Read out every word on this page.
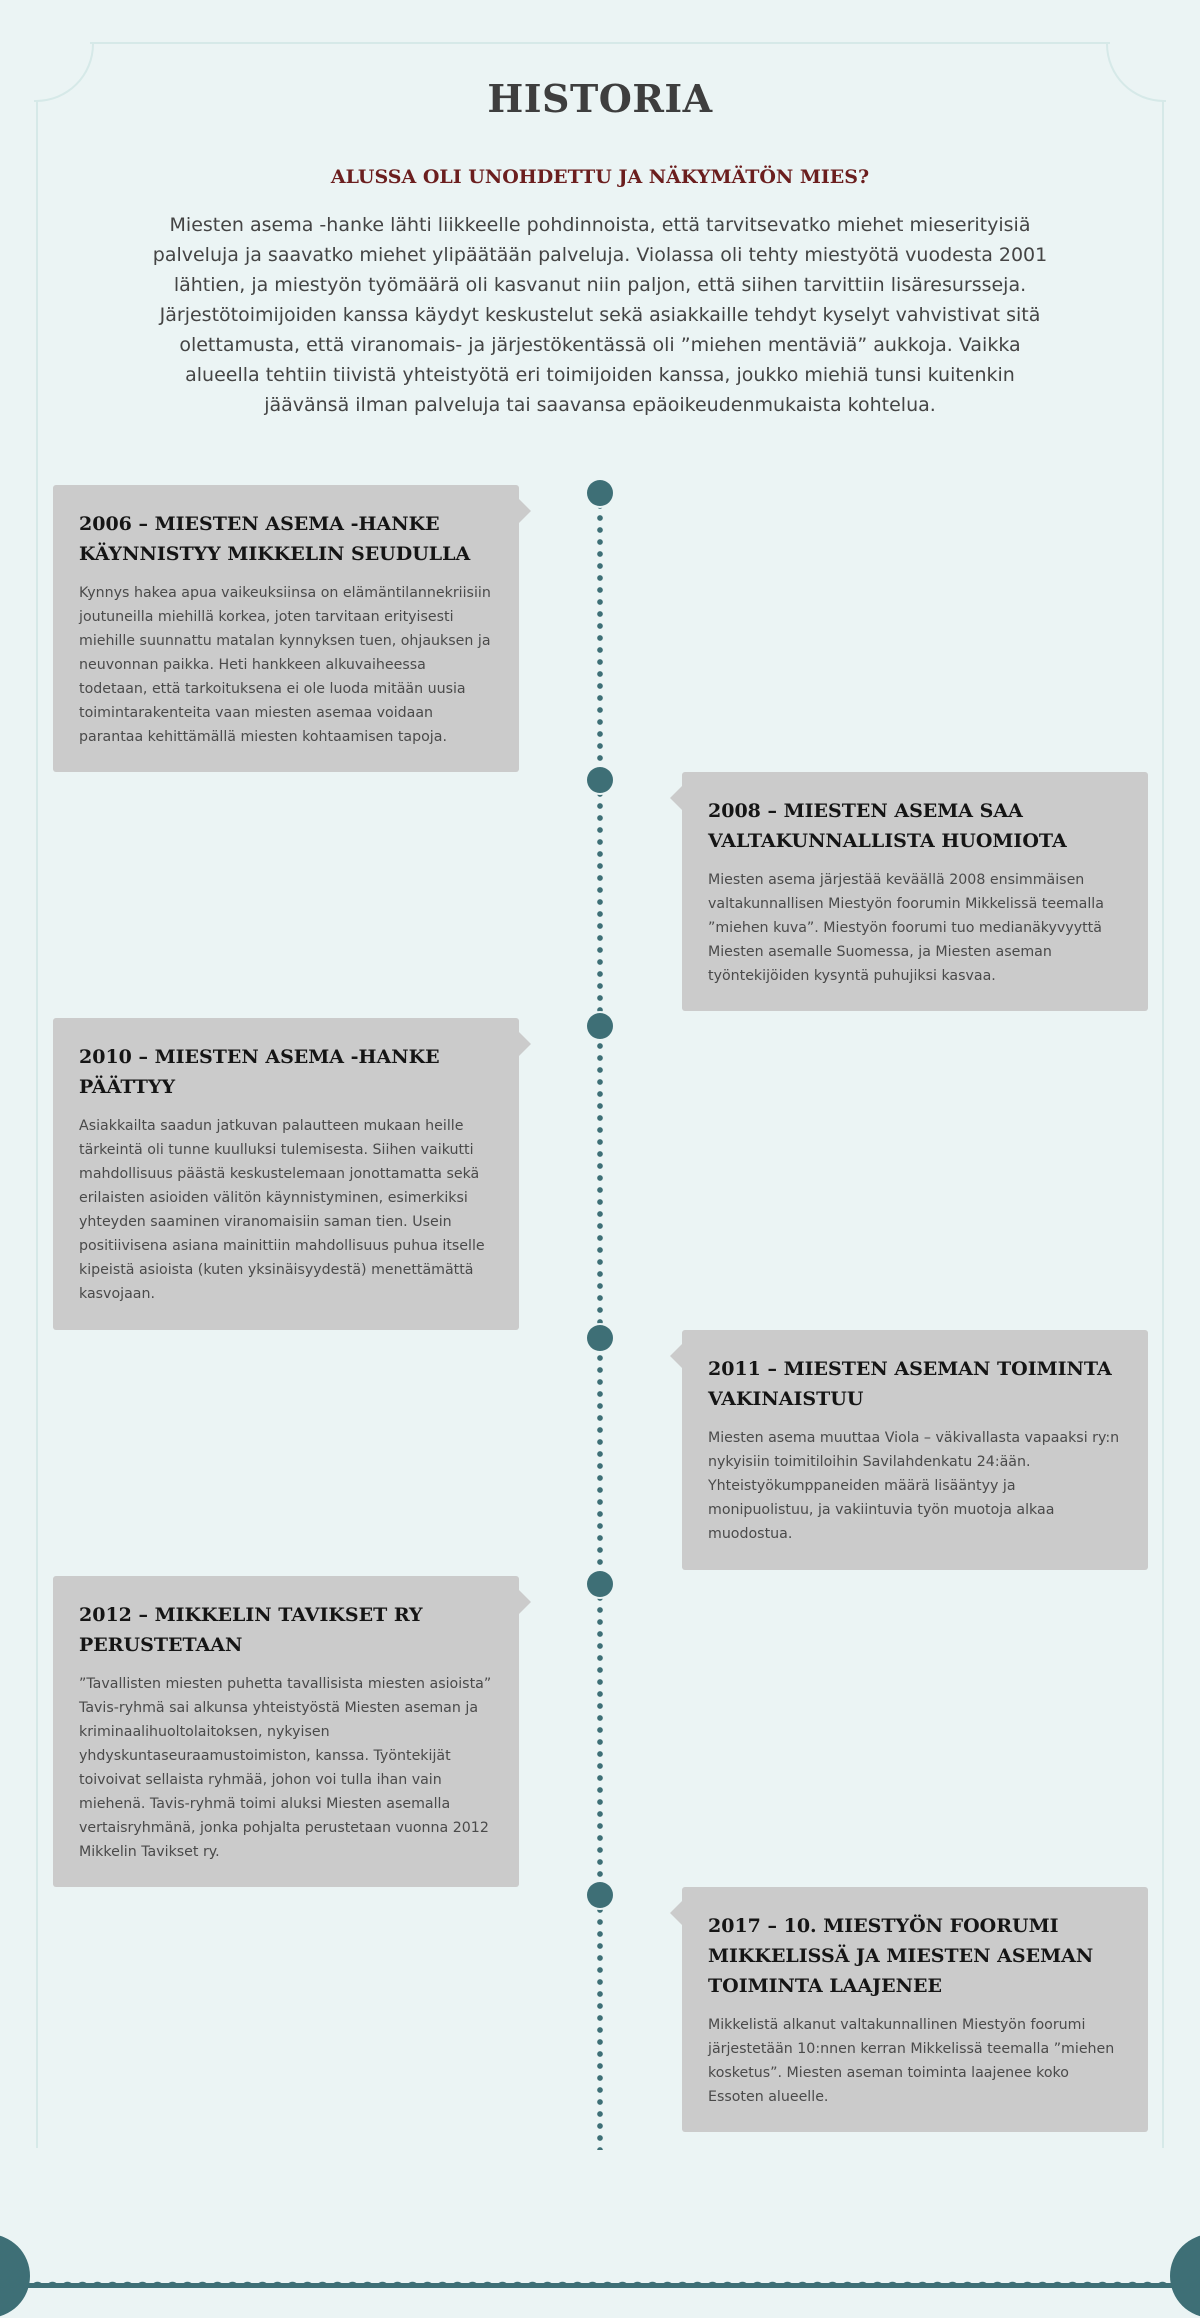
HISTORIA
ALUSSA OLI UNOHDETTU JA NÄKYMÄTÖN MIES?

Miesten asema -hanke lähti liikkeelle pohdinnoista, että tarvitsevatko miehet mieserityisiä palveluja ja saavatko miehet ylipäätään palveluja. Violassa oli tehty miestyötä vuodesta 2001 lähtien, ja miestyön työmäärä oli kasvanut niin paljon, että siihen tarvittiin lisäresursseja. Järjestötoimijoiden kanssa käydyt keskustelut sekä asiakkaille tehdyt kyselyt vahvistivat sitä olettamusta, että viranomais- ja järjestökentässä oli ”miehen mentäviä” aukkoja. Vaikka alueella tehtiin tiivistä yhteistyötä eri toimijoiden kanssa, joukko miehiä tunsi kuitenkin jäävänsä ilman palveluja tai saavansa epäoikeudenmukaista kohtelua.

2006 – MIESTEN ASEMA -HANKE KÄYNNISTYY MIKKELIN SEUDULLA

Kynnys hakea apua vaikeuksiinsa on elämäntilannekriisiin joutuneilla miehillä korkea, joten tarvitaan erityisesti miehille suunnattu matalan kynnyksen tuen, ohjauksen ja neuvonnan paikka. Heti hankkeen alkuvaiheessa todetaan, että tarkoituksena ei ole luoda mitään uusia toimintarakenteita vaan miesten asemaa voidaan parantaa kehittämällä miesten kohtaamisen tapoja.

2008 – MIESTEN ASEMA SAA VALTAKUNNALLISTA HUOMIOTA

Miesten asema järjestää keväällä 2008 ensimmäisen valtakunnallisen Miestyön foorumin Mikkelissä teemalla ”miehen kuva”. Miestyön foorumi tuo medianäkyvyyttä Miesten asemalle Suomessa, ja Miesten aseman työntekijöiden kysyntä puhujiksi kasvaa.

2010 – MIESTEN ASEMA -HANKE PÄÄTTYY

Asiakkailta saadun jatkuvan palautteen mukaan heille tärkeintä oli tunne kuulluksi tulemisesta. Siihen vaikutti mahdollisuus päästä keskustelemaan jonottamatta sekä erilaisten asioiden välitön käynnistyminen, esimerkiksi yhteyden saaminen viranomaisiin saman tien. Usein positiivisena asiana mainittiin mahdollisuus puhua itselle kipeistä asioista (kuten yksinäisyydestä) menettämättä kasvojaan.

2011 – MIESTEN ASEMAN TOIMINTA VAKINAISTUU

Miesten asema muuttaa Viola – väkivallasta vapaaksi ry:n nykyisiin toimitiloihin Savilahdenkatu 24:ään. Yhteistyökumppaneiden määrä lisääntyy ja monipuolistuu, ja vakiintuvia työn muotoja alkaa muodostua.

2012 – MIKKELIN TAVIKSET RY PERUSTETAAN

”Tavallisten miesten puhetta tavallisista miesten asioista” Tavis-ryhmä sai alkunsa yhteistyöstä Miesten aseman ja kriminaalihuoltolaitoksen, nykyisen yhdyskuntaseuraamustoimiston, kanssa. Työntekijät toivoivat sellaista ryhmää, johon voi tulla ihan vain miehenä. Tavis-ryhmä toimi aluksi Miesten asemalla vertaisryhmänä, jonka pohjalta perustetaan vuonna 2012 Mikkelin Tavikset ry.

2017 – 10. MIESTYÖN FOORUMI MIKKELISSÄ JA MIESTEN ASEMAN TOIMINTA LAAJENEE

Mikkelistä alkanut valtakunnallinen Miestyön foorumi järjestetään 10:nnen kerran Mikkelissä teemalla ”miehen kosketus”. Miesten aseman toiminta laajenee koko Essoten alueelle.
